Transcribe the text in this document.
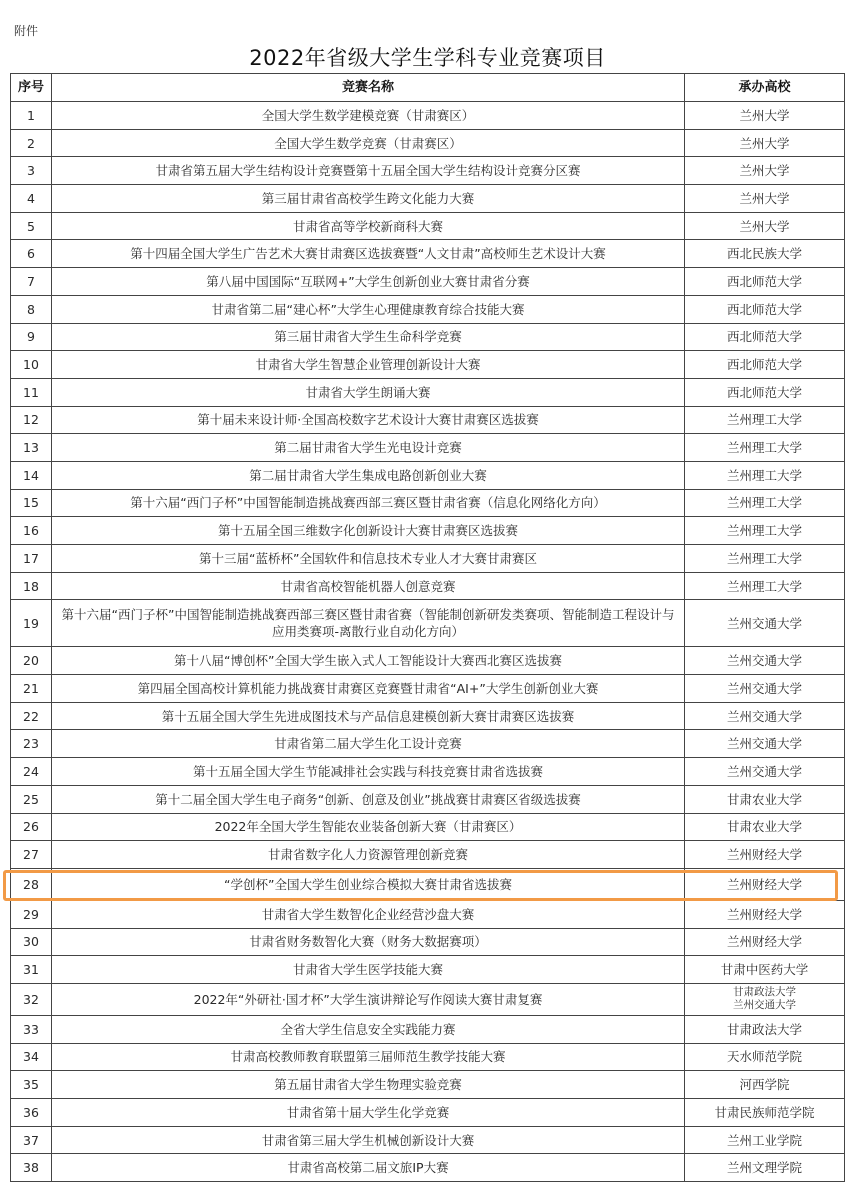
附件
2022年省级大学生学科专业竞赛项目
序号	竞赛名称	承办高校
1	全国大学生数学建模竞赛（甘肃赛区）	兰州大学
2	全国大学生数学竞赛（甘肃赛区）	兰州大学
3	甘肃省第五届大学生结构设计竞赛暨第十五届全国大学生结构设计竞赛分区赛	兰州大学
4	第三届甘肃省高校学生跨文化能力大赛	兰州大学
5	甘肃省高等学校新商科大赛	兰州大学
6	第十四届全国大学生广告艺术大赛甘肃赛区选拔赛暨“人文甘肃”高校师生艺术设计大赛	西北民族大学
7	第八届中国国际“互联网+”大学生创新创业大赛甘肃省分赛	西北师范大学
8	甘肃省第二届“建心杯”大学生心理健康教育综合技能大赛	西北师范大学
9	第三届甘肃省大学生生命科学竞赛	西北师范大学
10	甘肃省大学生智慧企业管理创新设计大赛	西北师范大学
11	甘肃省大学生朗诵大赛	西北师范大学
12	第十届未来设计师·全国高校数字艺术设计大赛甘肃赛区选拔赛	兰州理工大学
13	第二届甘肃省大学生光电设计竞赛	兰州理工大学
14	第二届甘肃省大学生集成电路创新创业大赛	兰州理工大学
15	第十六届“西门子杯”中国智能制造挑战赛西部三赛区暨甘肃省赛（信息化网络化方向）	兰州理工大学
16	第十五届全国三维数字化创新设计大赛甘肃赛区选拔赛	兰州理工大学
17	第十三届“蓝桥杯”全国软件和信息技术专业人才大赛甘肃赛区	兰州理工大学
18	甘肃省高校智能机器人创意竞赛	兰州理工大学
19	第十六届“西门子杯”中国智能制造挑战赛西部三赛区暨甘肃省赛（智能制创新研发类赛项、智能制造工程设计与应用类赛项-离散行业自动化方向）	兰州交通大学
20	第十八届“博创杯”全国大学生嵌入式人工智能设计大赛西北赛区选拔赛	兰州交通大学
21	第四届全国高校计算机能力挑战赛甘肃赛区竞赛暨甘肃省“AI+”大学生创新创业大赛	兰州交通大学
22	第十五届全国大学生先进成图技术与产品信息建模创新大赛甘肃赛区选拔赛	兰州交通大学
23	甘肃省第二届大学生化工设计竞赛	兰州交通大学
24	第十五届全国大学生节能减排社会实践与科技竞赛甘肃省选拔赛	兰州交通大学
25	第十二届全国大学生电子商务“创新、创意及创业”挑战赛甘肃赛区省级选拔赛	甘肃农业大学
26	2022年全国大学生智能农业装备创新大赛（甘肃赛区）	甘肃农业大学
27	甘肃省数字化人力资源管理创新竞赛	兰州财经大学
28	“学创杯”全国大学生创业综合模拟大赛甘肃省选拔赛	兰州财经大学
29	甘肃省大学生数智化企业经营沙盘大赛	兰州财经大学
30	甘肃省财务数智化大赛（财务大数据赛项）	兰州财经大学
31	甘肃省大学生医学技能大赛	甘肃中医药大学
32	2022年“外研社·国才杯”大学生演讲辩论写作阅读大赛甘肃复赛	甘肃政法大学
兰州交通大学

33	全省大学生信息安全实践能力赛	甘肃政法大学
34	甘肃高校教师教育联盟第三届师范生教学技能大赛	天水师范学院
35	第五届甘肃省大学生物理实验竞赛	河西学院
36	甘肃省第十届大学生化学竞赛	甘肃民族师范学院
37	甘肃省第三届大学生机械创新设计大赛	兰州工业学院
38	甘肃省高校第二届文旅IP大赛	兰州文理学院
